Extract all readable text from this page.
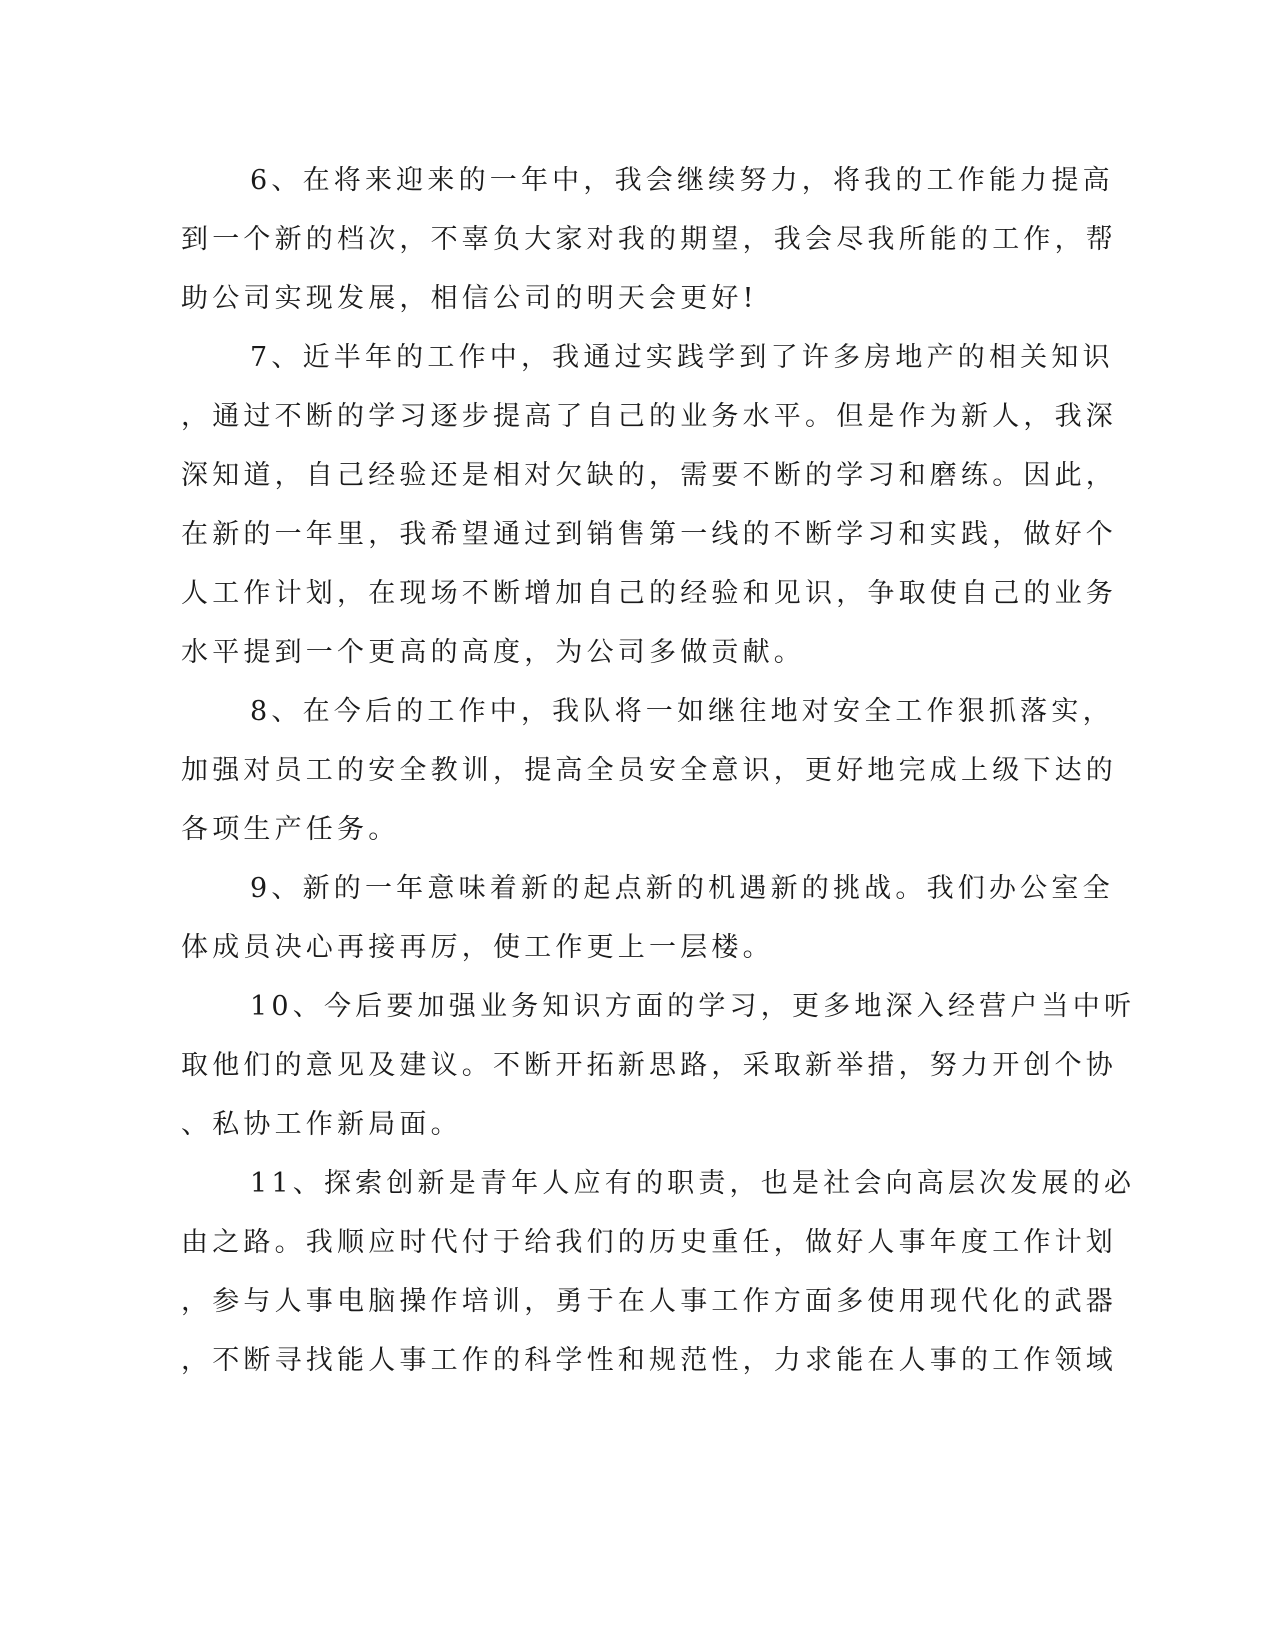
6、在将来迎来的一年中，我会继续努力，将我的工作能力提高
到一个新的档次，不辜负大家对我的期望，我会尽我所能的工作，帮
助公司实现发展，相信公司的明天会更好!
7、近半年的工作中，我通过实践学到了许多房地产的相关知识
，通过不断的学习逐步提高了自己的业务水平。但是作为新人，我深
深知道，自己经验还是相对欠缺的，需要不断的学习和磨练。因此，
在新的一年里，我希望通过到销售第一线的不断学习和实践，做好个
人工作计划，在现场不断增加自己的经验和见识，争取使自己的业务
水平提到一个更高的高度，为公司多做贡献。
8、在今后的工作中，我队将一如继往地对安全工作狠抓落实，
加强对员工的安全教训，提高全员安全意识，更好地完成上级下达的
各项生产任务。
9、新的一年意味着新的起点新的机遇新的挑战。我们办公室全
体成员决心再接再厉，使工作更上一层楼。
10、今后要加强业务知识方面的学习，更多地深入经营户当中听
取他们的意见及建议。不断开拓新思路，采取新举措，努力开创个协
、私协工作新局面。
11、探索创新是青年人应有的职责，也是社会向高层次发展的必
由之路。我顺应时代付于给我们的历史重任，做好人事年度工作计划
，参与人事电脑操作培训，勇于在人事工作方面多使用现代化的武器
，不断寻找能人事工作的科学性和规范性，力求能在人事的工作领域
